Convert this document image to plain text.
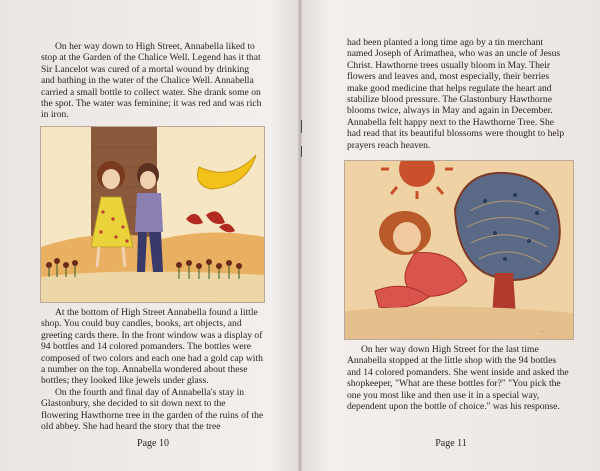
On her way down to High Street, Annabella liked to stop at the Garden of the Chalice Well. Legend has it that Sir Lancelot was cured of a mortal wound by drinking and bathing in the water of the Chalice Well. Annabella carried a small bottle to collect water. She drank some on the spot. The water was feminine; it was red and was rich in iron.

At the bottom of High Street Annabella found a little shop. You could buy candles, books, art objects, and greeting cards there. In the front window was a display of 94 bottles and 14 colored pomanders. The bottles were composed of two colors and each one had a gold cap with a number on the top. Annabella wondered about these bottles; they looked like jewels under glass.

On the fourth and final day of Annabella's stay in Glastonbury, she decided to sit down next to the flowering Hawthorne tree in the garden of the ruins of the old abbey. She had heard the story that the tree

Page 10

had been planted a long time ago by a tin merchant named Joseph of Arimathea, who was an uncle of Jesus Christ. Hawthorne trees usually bloom in May. Their flowers and leaves and, most especially, their berries make good medicine that helps regulate the heart and stabilize blood pressure. The Glastonbury Hawthorne blooms twice, always in May and again in December. Annabella felt happy next to the Hawthorne Tree. She had read that its beautiful blossoms were thought to help prayers reach heaven.

∼

On her way down High Street for the last time Annabella stopped at the little shop with the 94 bottles and 14 colored pomanders. She went inside and asked the shopkeeper, "What are these bottles for?" "You pick the one you most like and then use it in a special way, dependent upon the bottle of choice." was his response.

Page 11
